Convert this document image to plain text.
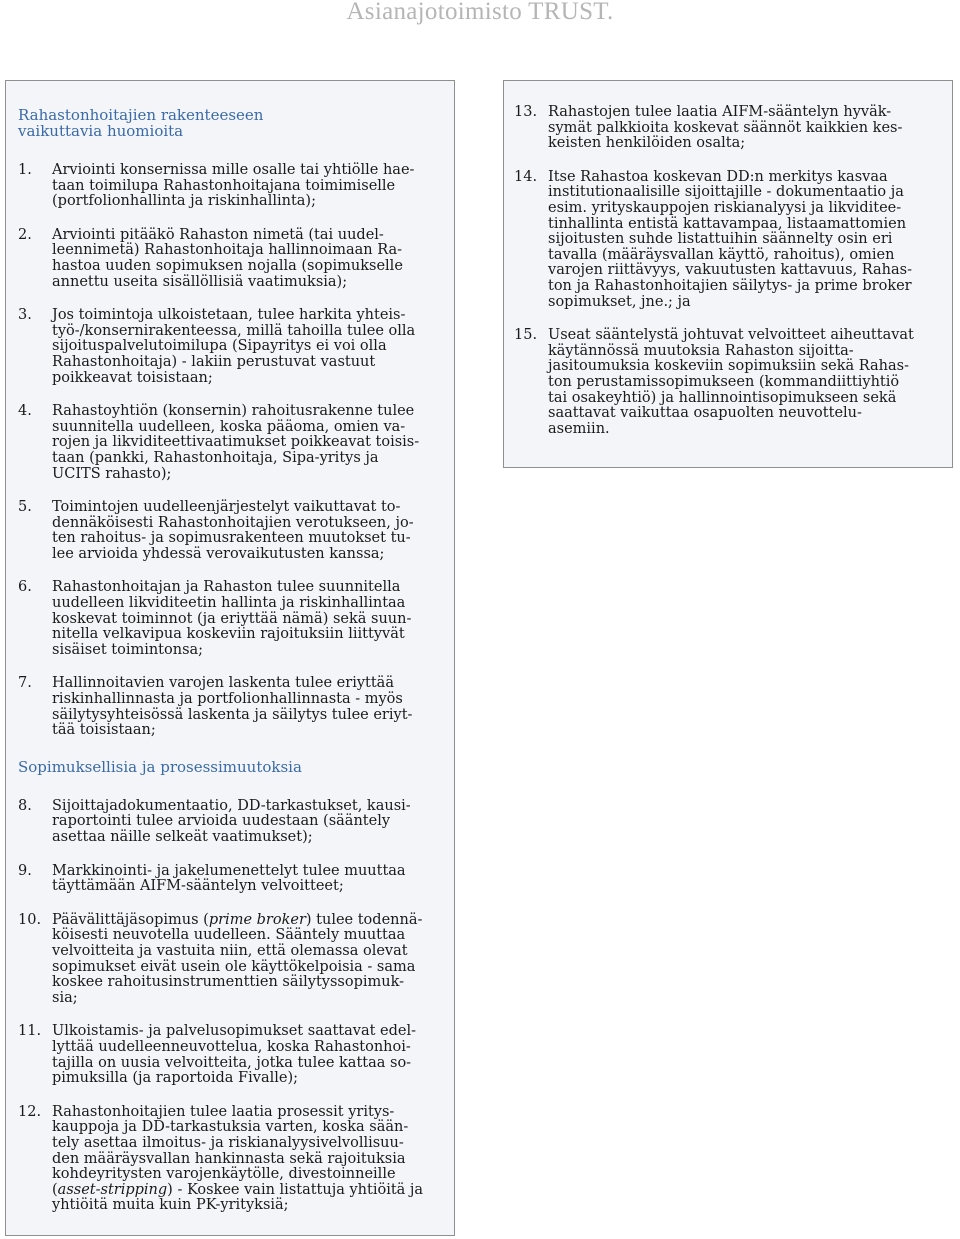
Asianajotoimisto TRUST.
Rahastonhoitajien rakenteeseen
vaikuttavia huomioita
1.	Arviointi konsernissa mille osalle tai yhtiölle hae-
taan toimilupa Rahastonhoitajana toimimiselle
(portfolionhallinta ja riskinhallinta);
2.	Arviointi pitääkö Rahaston nimetä (tai uudel-
leennimetä) Rahastonhoitaja hallinnoimaan Ra-
hastoa uuden sopimuksen nojalla (sopimukselle
annettu useita sisällöllisiä vaatimuksia);
3.	Jos toimintoja ulkoistetaan, tulee harkita yhteis-
työ-/konsernirakenteessa, millä tahoilla tulee olla
sijoituspalvelutoimilupa (Sipayritys ei voi olla
Rahastonhoitaja) - lakiin perustuvat vastuut
poikkeavat toisistaan;
4.	Rahastoyhtiön (konsernin) rahoitusrakenne tulee
suunnitella uudelleen, koska pääoma, omien va-
rojen ja likviditeettivaatimukset poikkeavat toisis-
taan (pankki, Rahastonhoitaja, Sipa-yritys ja
UCITS rahasto);
5.	Toimintojen uudelleenjärjestelyt vaikuttavat to-
dennäköisesti Rahastonhoitajien verotukseen, jo-
ten rahoitus- ja sopimusrakenteen muutokset tu-
lee arvioida yhdessä verovaikutusten kanssa;
6.	Rahastonhoitajan ja Rahaston tulee suunnitella
uudelleen likviditeetin hallinta ja riskinhallintaa
koskevat toiminnot (ja eriyttää nämä) sekä suun-
nitella velkavipua koskeviin rajoituksiin liittyvät
sisäiset toimintonsa;
7.	Hallinnoitavien varojen laskenta tulee eriyttää
riskinhallinnasta ja portfolionhallinnasta - myös
säilytysyhteisössä laskenta ja säilytys tulee eriyt-
tää toisistaan;
Sopimuksellisia ja prosessimuutoksia
8.	Sijoittajadokumentaatio, DD-tarkastukset, kausi-
raportointi tulee arvioida uudestaan (sääntely
asettaa näille selkeät vaatimukset);
9.	Markkinointi- ja jakelumenettelyt tulee muuttaa
täyttämään AIFM-sääntelyn velvoitteet;
10. Päävälittäjäsopimus (prime broker) tulee todennä-
köisesti neuvotella uudelleen. Sääntely muuttaa
velvoitteita ja vastuita niin, että olemassa olevat
sopimukset eivät usein ole käyttökelpoisia - sama
koskee rahoitusinstrumenttien säilytyssopimuk-
sia;
11. Ulkoistamis- ja palvelusopimukset saattavat edel-
lyttää uudelleenneuvottelua, koska Rahastonhoi-
tajilla on uusia velvoitteita, jotka tulee kattaa so-
pimuksilla (ja raportoida Fivalle);
12. Rahastonhoitajien tulee laatia prosessit yritys-
kauppoja ja DD-tarkastuksia varten, koska sään-
tely asettaa ilmoitus- ja riskianalyysivelvollisuu-
den määräysvallan hankinnasta sekä rajoituksia
kohdeyritysten varojenkäytölle, divestoinneille
(asset-stripping) - Koskee vain listattuja yhtiöitä ja
yhtiöitä muita kuin PK-yrityksiä;
13. Rahastojen tulee laatia AIFM-sääntelyn hyväk-
symät palkkioita koskevat säännöt kaikkien kes-
keisten henkilöiden osalta;
14. Itse Rahastoa koskevan DD:n merkitys kasvaa
institutionaalisille sijoittajille - dokumentaatio ja
esim. yrityskauppojen riskianalyysi ja likviditee-
tinhallinta entistä kattavampaa, listaamattomien
sijoitusten suhde listattuihin säännelty osin eri
tavalla (määräysvallan käyttö, rahoitus), omien
varojen riittävyys, vakuutusten kattavuus, Rahas-
ton ja Rahastonhoitajien säilytys- ja prime broker
sopimukset, jne.; ja
15. Useat sääntelystä johtuvat velvoitteet aiheuttavat
käytännössä muutoksia Rahaston sijoitta-
jasitoumuksia koskeviin sopimuksiin sekä Rahas-
ton perustamissopimukseen (kommandiittiyhtiö
tai osakeyhtiö) ja hallinnointisopimukseen sekä
saattavat vaikuttaa osapuolten neuvottelu-
asemiin.
